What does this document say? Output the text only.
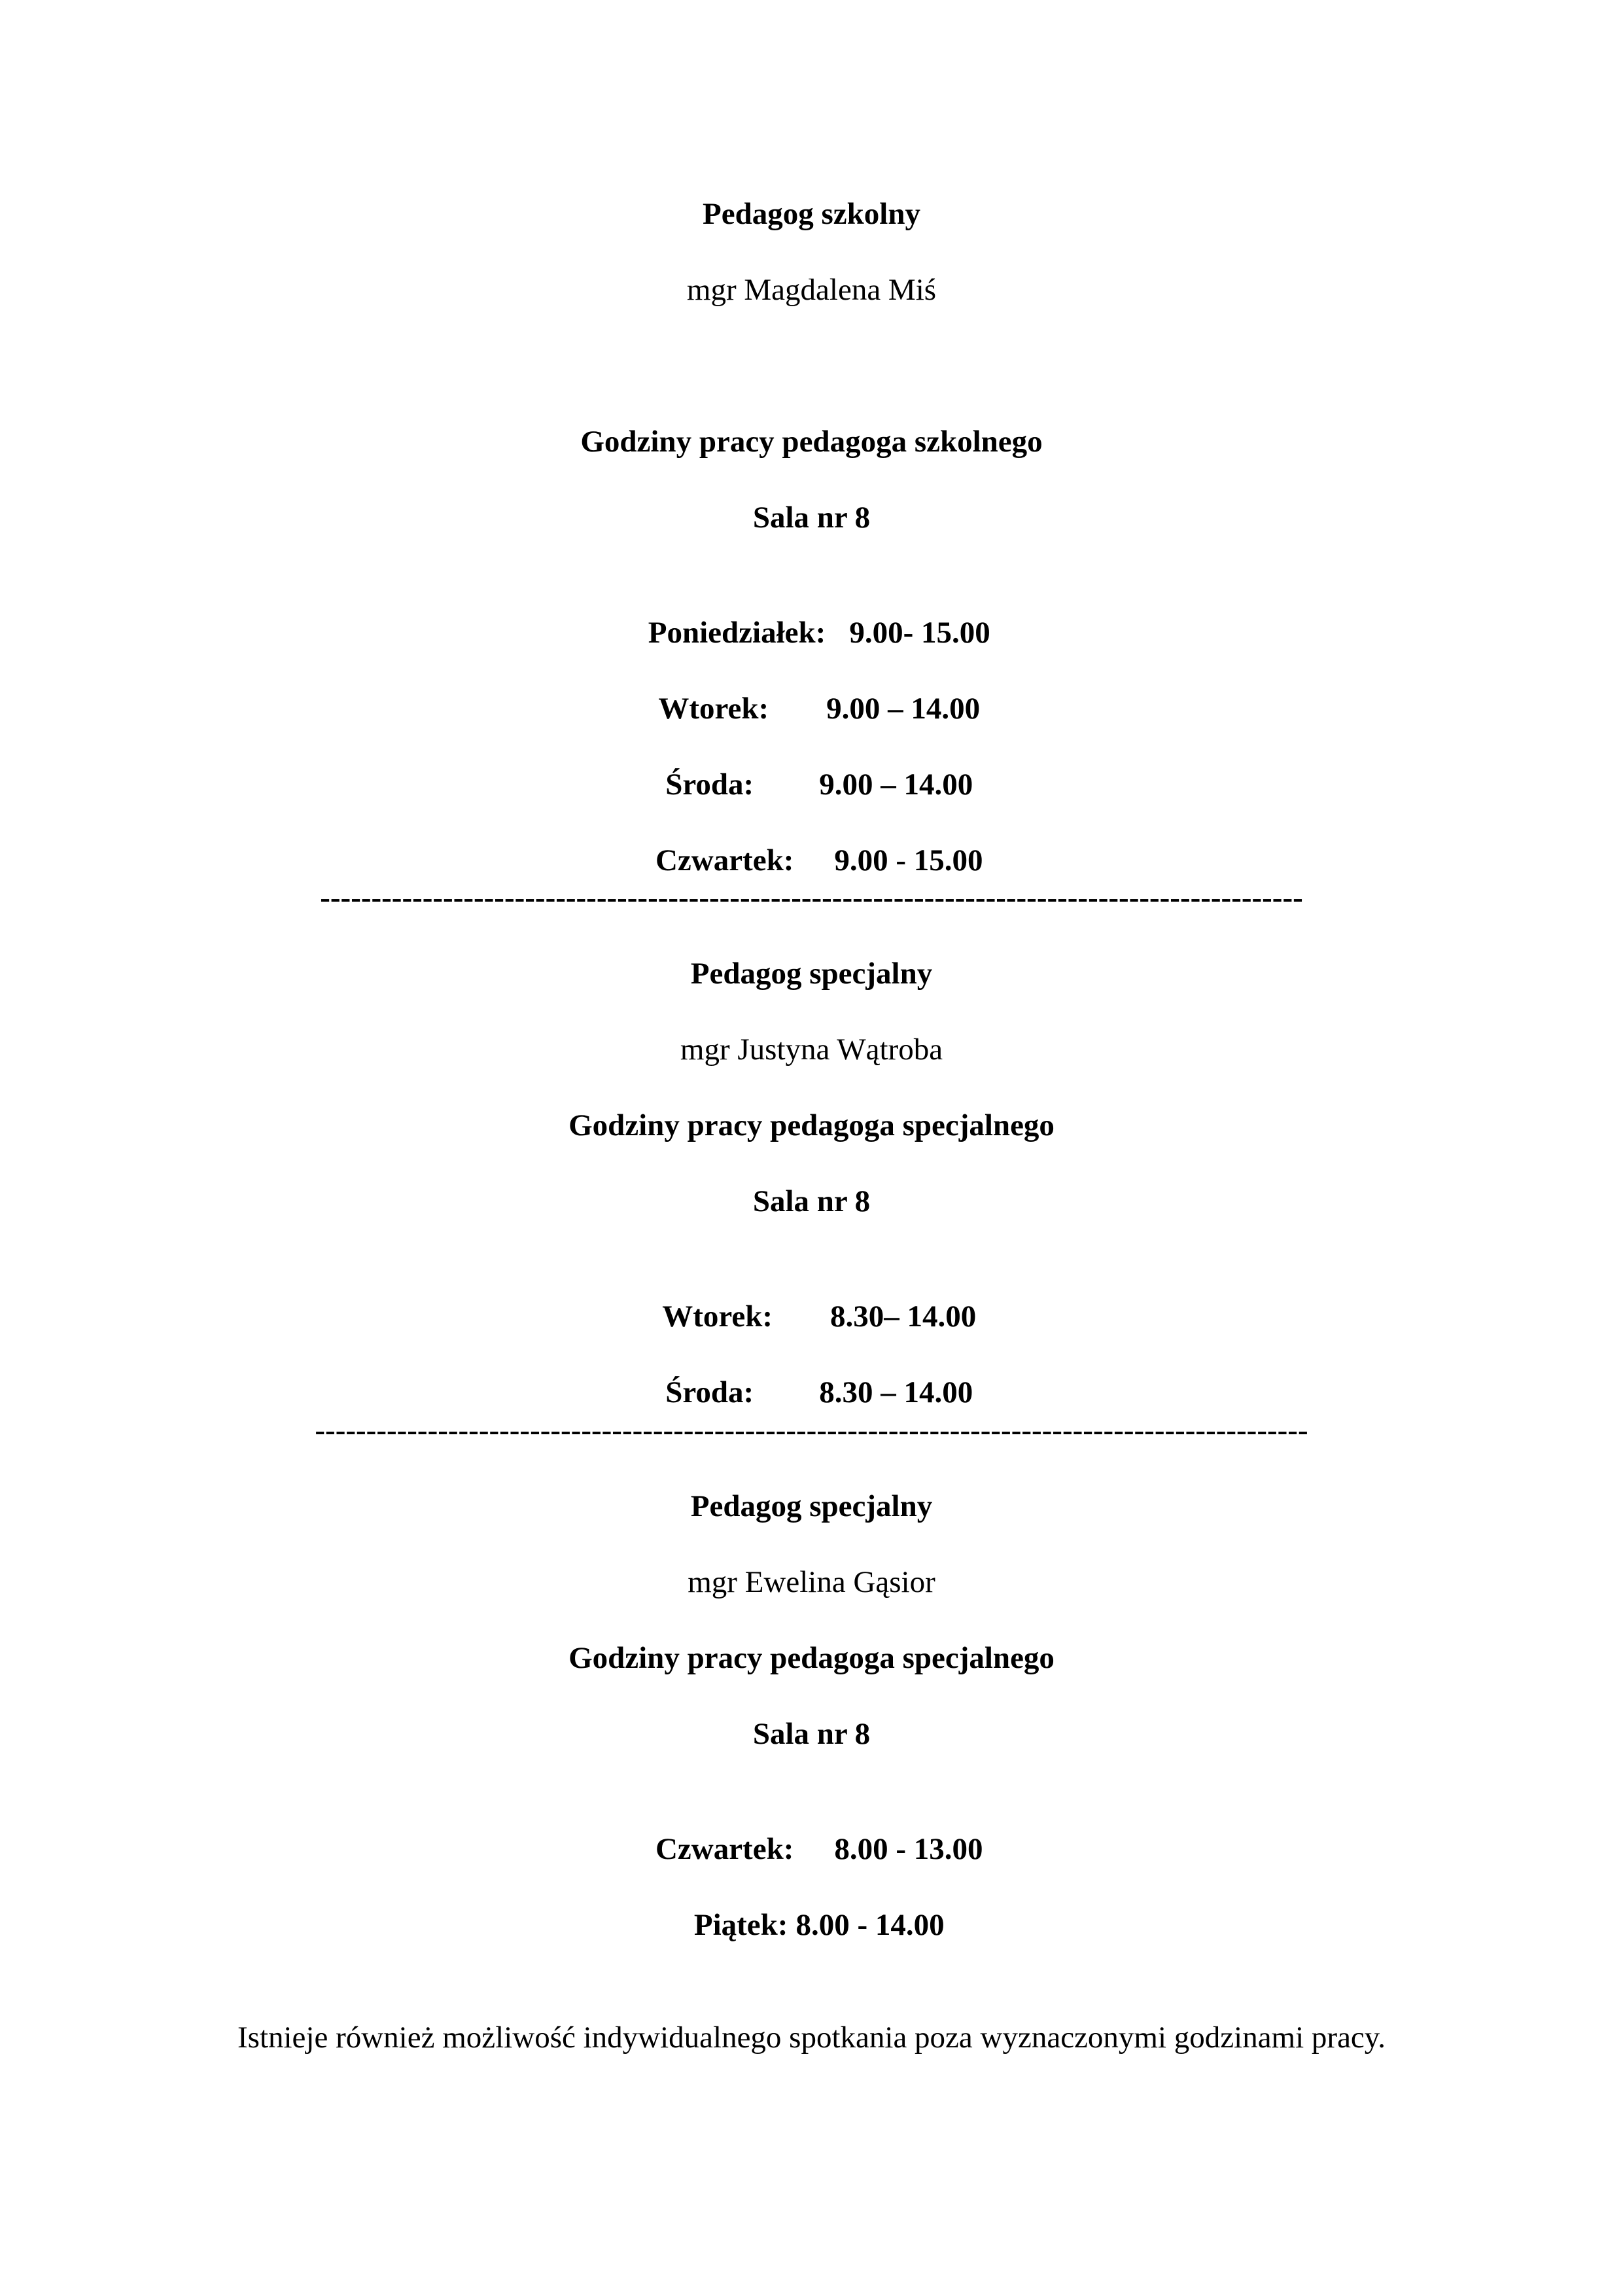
Pedagog szkolny

mgr Magdalena Miś

Godziny pracy pedagoga szkolnego

Sala nr 8

Poniedziałek: 9.00- 15.00

Wtorek: 9.00 – 14.00

Środa: 9.00 – 14.00

Czwartek: 9.00 - 15.00

------------------------------------------------------------------------------------------------

Pedagog specjalny

mgr Justyna Wątroba

Godziny pracy pedagoga specjalnego

Sala nr 8

Wtorek: 8.30– 14.00

Środa: 8.30 – 14.00

-------------------------------------------------------------------------------------------------

Pedagog specjalny

mgr Ewelina Gąsior

Godziny pracy pedagoga specjalnego

Sala nr 8

Czwartek: 8.00 - 13.00

Piątek: 8.00 - 14.00

Istnieje również możliwość indywidualnego spotkania poza wyznaczonymi godzinami pracy.
